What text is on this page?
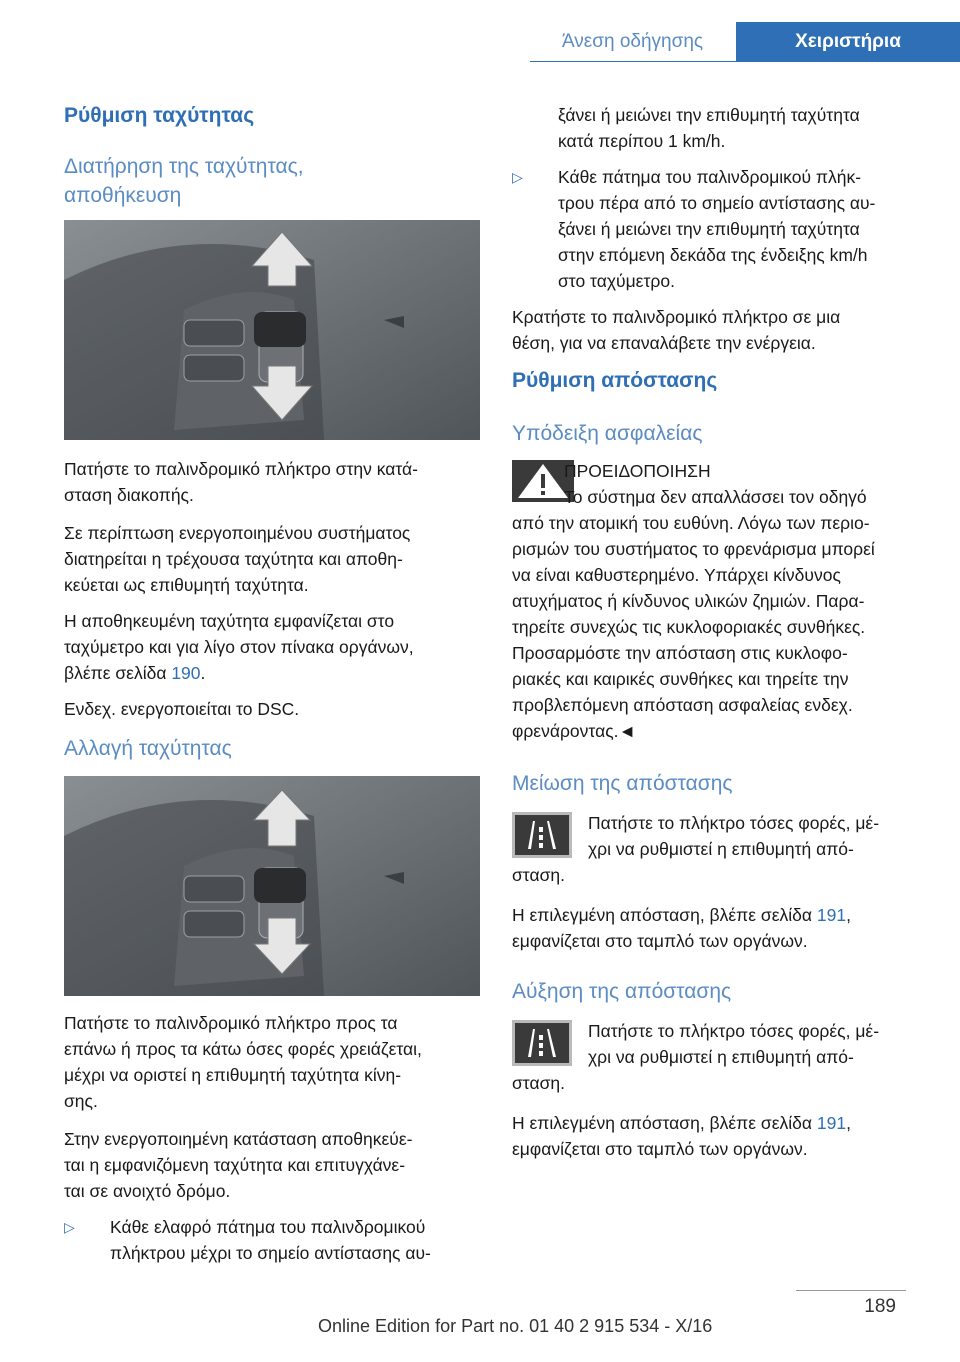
Άνεση οδήγησης	Χειριστήρια
Ρύθμιση ταχύτητας
Διατήρηση της ταχύτητας,
αποθήκευση
Πατήστε το παλινδρομικό πλήκτρο στην κατά-
σταση διακοπής.
Σε περίπτωση ενεργοποιημένου συστήματος
διατηρείται η τρέχουσα ταχύτητα και αποθη-
κεύεται ως επιθυμητή ταχύτητα.
Η αποθηκευμένη ταχύτητα εμφανίζεται στο
ταχύμετρο και για λίγο στον πίνακα οργάνων,
βλέπε σελίδα 190.
Ενδεχ. ενεργοποιείται το DSC.
Αλλαγή ταχύτητας
Πατήστε το παλινδρομικό πλήκτρο προς τα
επάνω ή προς τα κάτω όσες φορές χρειάζεται,
μέχρι να οριστεί η επιθυμητή ταχύτητα κίνη-
σης.
Στην ενεργοποιημένη κατάσταση αποθηκεύε-
ται η εμφανιζόμενη ταχύτητα και επιτυγχάνε-
ται σε ανοιχτό δρόμο.
▷ Κάθε ελαφρό πάτημα του παλινδρομικού
πλήκτρου μέχρι το σημείο αντίστασης αυ-
ξάνει ή μειώνει την επιθυμητή ταχύτητα
κατά περίπου 1 km/h.
▷ Κάθε πάτημα του παλινδρομικού πλήκ-
τρου πέρα από το σημείο αντίστασης αυ-
ξάνει ή μειώνει την επιθυμητή ταχύτητα
στην επόμενη δεκάδα της ένδειξης km/h
στο ταχύμετρο.
Κρατήστε το παλινδρομικό πλήκτρο σε μια
θέση, για να επαναλάβετε την ενέργεια.
Ρύθμιση απόστασης
Υπόδειξη ασφαλείας
ΠΡΟΕΙΔΟΠΟΙΗΣΗ
Το σύστημα δεν απαλλάσσει τον οδηγό
από την ατομική του ευθύνη. Λόγω των περιο-
ρισμών του συστήματος το φρενάρισμα μπορεί
να είναι καθυστερημένο. Υπάρχει κίνδυνος
ατυχήματος ή κίνδυνος υλικών ζημιών. Παρα-
τηρείτε συνεχώς τις κυκλοφοριακές συνθήκες.
Προσαρμόστε την απόσταση στις κυκλοφο-
ριακές και καιρικές συνθήκες και τηρείτε την
προβλεπόμενη απόσταση ασφαλείας ενδεχ.
φρενάροντας.◄
Μείωση της απόστασης
Πατήστε το πλήκτρο τόσες φορές, μέ-
χρι να ρυθμιστεί η επιθυμητή από-
σταση.
Η επιλεγμένη απόσταση, βλέπε σελίδα 191,
εμφανίζεται στο ταμπλό των οργάνων.
Αύξηση της απόστασης
Πατήστε το πλήκτρο τόσες φορές, μέ-
χρι να ρυθμιστεί η επιθυμητή από-
σταση.
Η επιλεγμένη απόσταση, βλέπε σελίδα 191,
εμφανίζεται στο ταμπλό των οργάνων.
189
Online Edition for Part no. 01 40 2 915 534 - X/16
